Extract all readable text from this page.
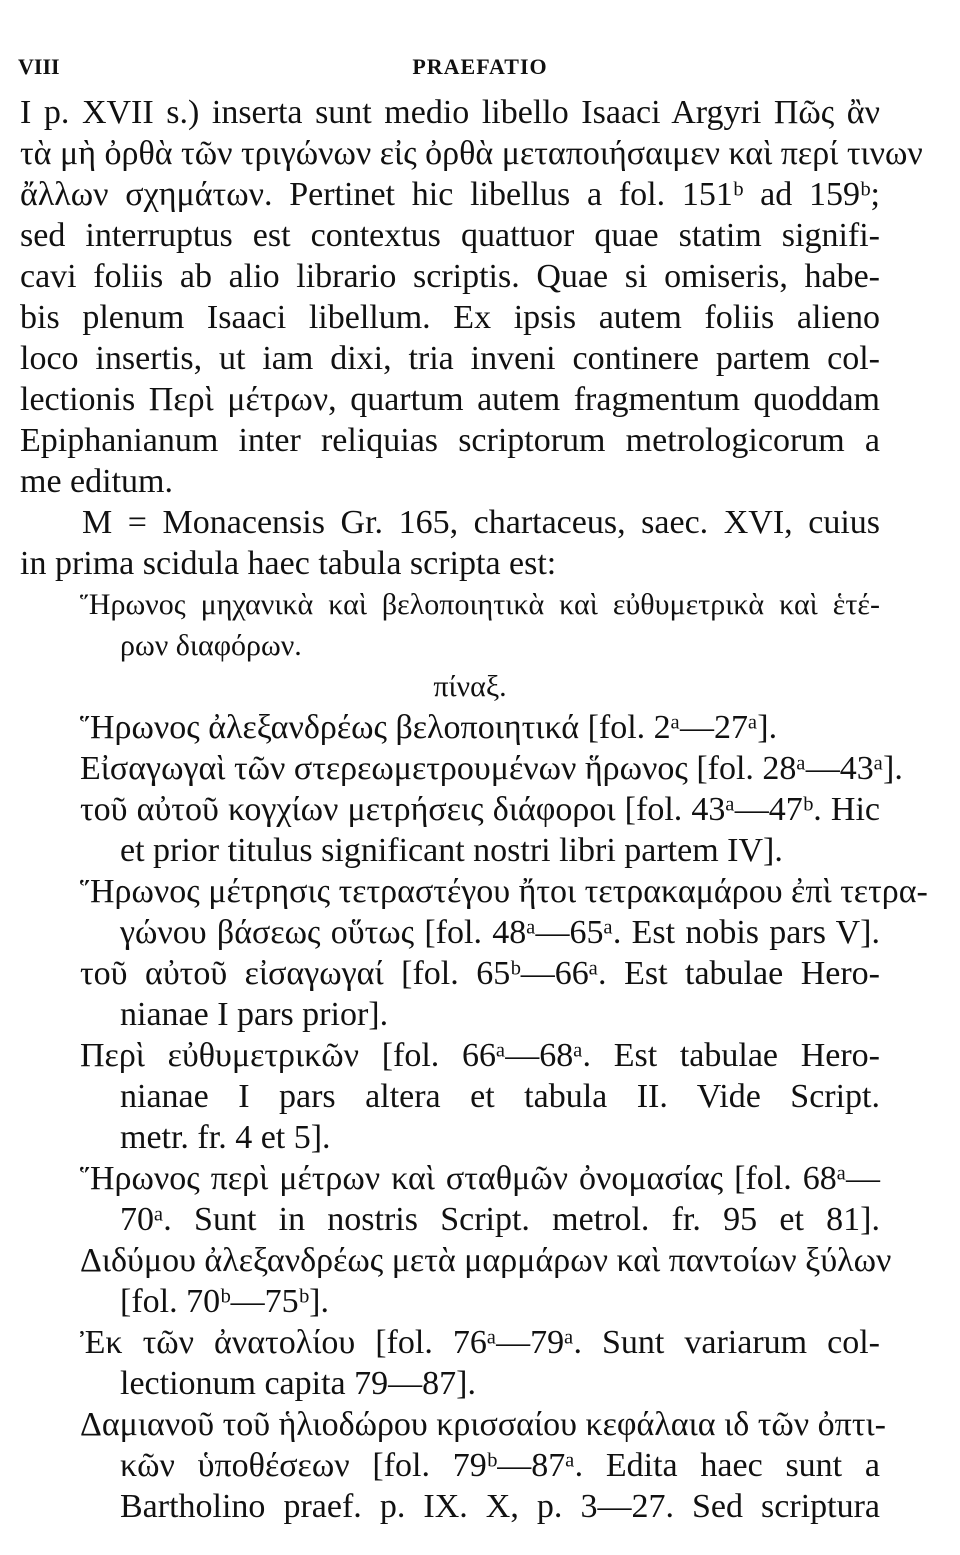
VIII	PRAEFATIO
I p. XVII s.) inserta sunt medio libello Isaaci Argyri Πῶς ἂν
τὰ μὴ ὀρθὰ τῶν τριγώνων εἰς ὀρθὰ μεταποιήσαιμεν καὶ περί τινων
ἄλλων σχημάτων. Pertinet hic libellus a fol. 151ᵇ ad 159ᵇ;
sed interruptus est contextus quattuor quae statim signifi-
cavi foliis ab alio librario scriptis. Quae si omiseris, habe-
bis plenum Isaaci libellum. Ex ipsis autem foliis alieno
loco insertis, ut iam dixi, tria inveni continere partem col-
lectionis Περὶ μέτρων, quartum autem fragmentum quoddam
Epiphanianum inter reliquias scriptorum metrologicorum a
me editum.
M = Monacensis Gr. 165, chartaceus, saec. XVI, cuius
in prima scidula haec tabula scripta est:
Ἥρωνος μηχανικὰ καὶ βελοποιητικὰ καὶ εὐθυμετρικὰ καὶ ἑτέ-
ρων διαφόρων.
πίναξ.
Ἥρωνος ἀλεξανδρέως βελοποιητικά [fol. 2ᵃ—27ᵃ].
Εἰσαγωγαὶ τῶν στερεωμετρουμένων ἥρωνος [fol. 28ᵃ—43ᵃ].
τοῦ αὐτοῦ κογχίων μετρήσεις διάφοροι [fol. 43ᵃ—47ᵇ. Hic
et prior titulus significant nostri libri partem IV].
Ἥρωνος μέτρησις τετραστέγου ἤτοι τετρακαμάρου ἐπὶ τετρα-
γώνου βάσεως οὕτως [fol. 48ᵃ—65ᵃ. Est nobis pars V].
τοῦ αὐτοῦ εἰσαγωγαί [fol. 65ᵇ—66ᵃ. Est tabulae Hero-
nianae I pars prior].
Περὶ εὐθυμετρικῶν [fol. 66ᵃ—68ᵃ. Est tabulae Hero-
nianae I pars altera et tabula II. Vide Script.
metr. fr. 4 et 5].
Ἥρωνος περὶ μέτρων καὶ σταθμῶν ὀνομασίας [fol. 68ᵃ—
70ᵃ. Sunt in nostris Script. metrol. fr. 95 et 81].
Διδύμου ἀλεξανδρέως μετὰ μαρμάρων καὶ παντοίων ξύλων
[fol. 70ᵇ—75ᵇ].
Ἐκ τῶν ἀνατολίου [fol. 76ᵃ—79ᵃ. Sunt variarum col-
lectionum capita 79—87].
Δαμιανοῦ τοῦ ἡλιοδώρου κρισσαίου κεφάλαια ιδ τῶν ὀπτι-
κῶν ὑποθέσεων [fol. 79ᵇ—87ᵃ. Edita haec sunt a
Bartholino praef. p. IX. X, p. 3—27. Sed scriptura
